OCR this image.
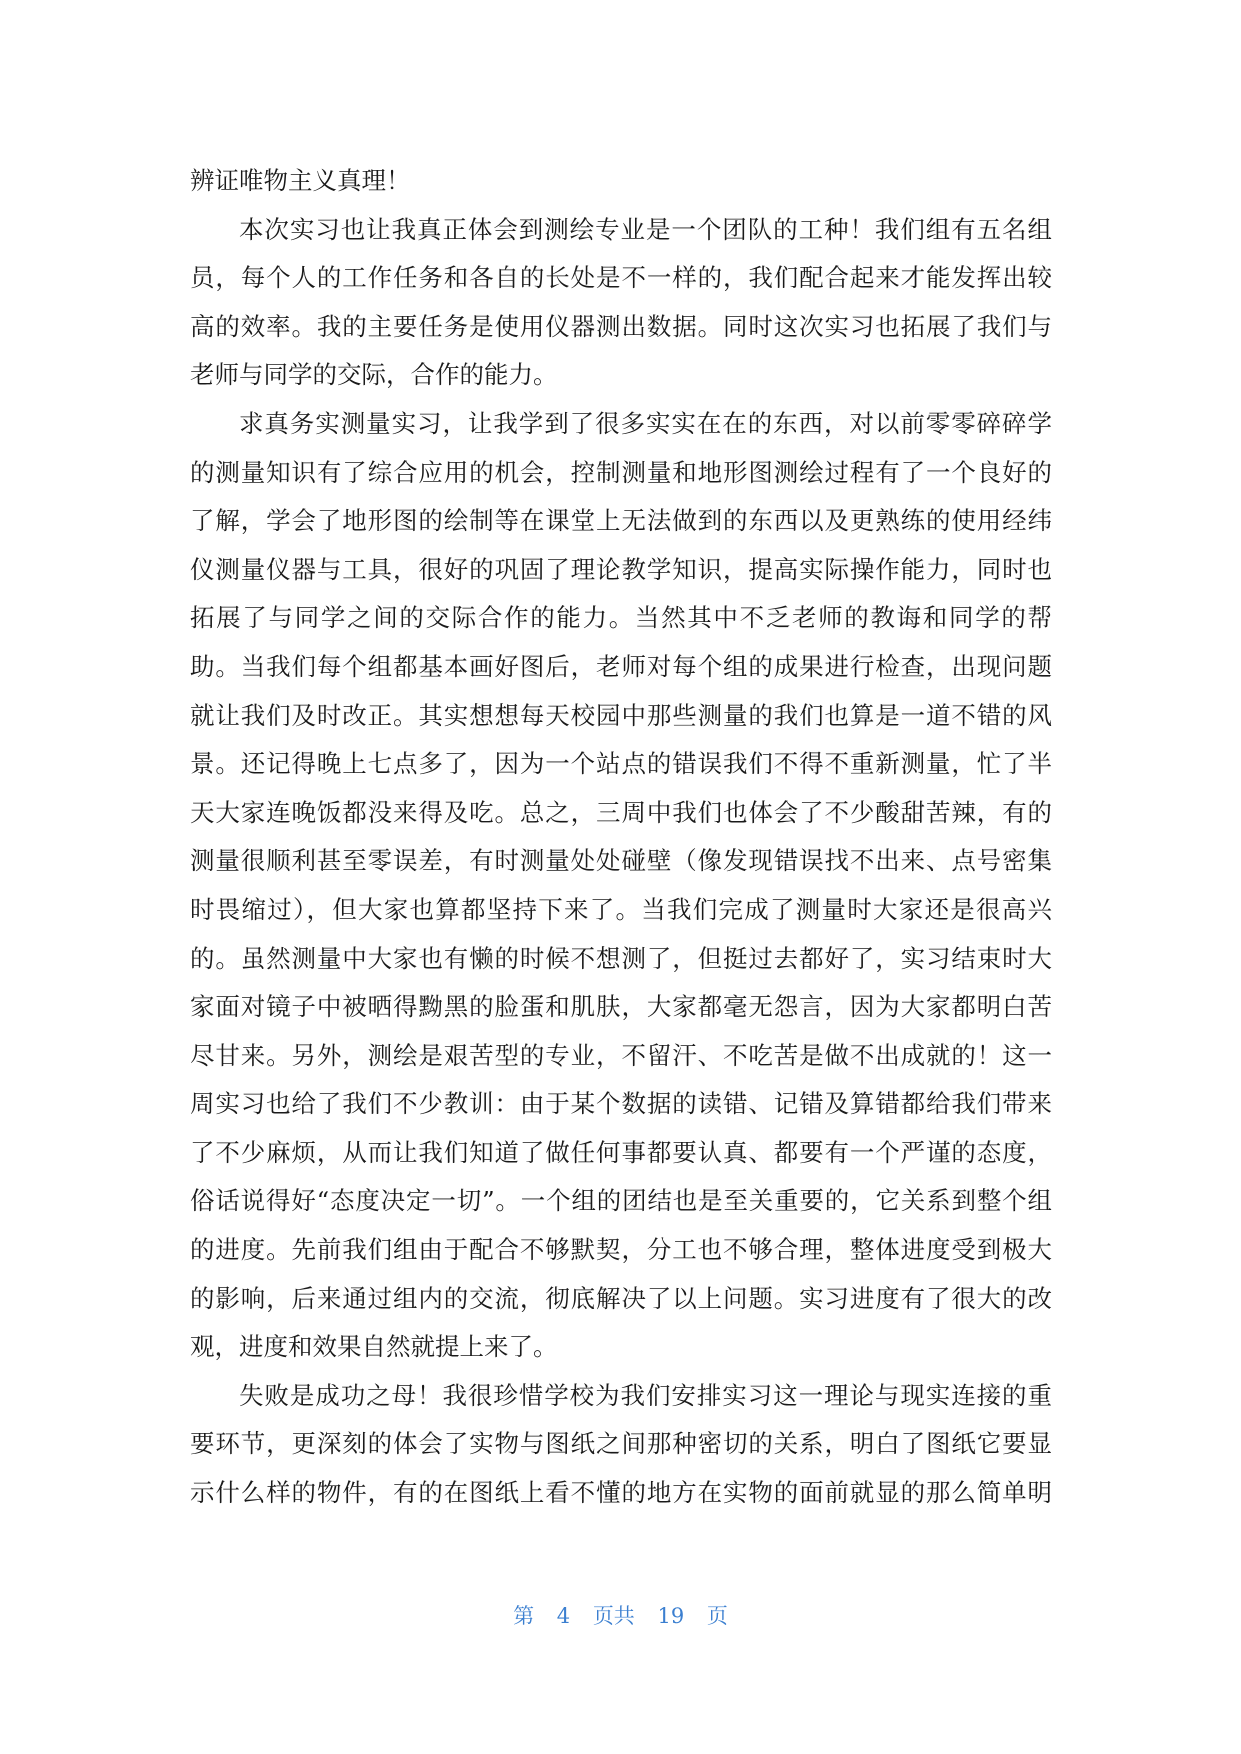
辨证唯物主义真理！
本次实习也让我真正体会到测绘专业是一个团队的工种！我们组有五名组
员，每个人的工作任务和各自的长处是不一样的，我们配合起来才能发挥出较
高的效率。我的主要任务是使用仪器测出数据。同时这次实习也拓展了我们与
老师与同学的交际，合作的能力。
求真务实测量实习，让我学到了很多实实在在的东西，对以前零零碎碎学
的测量知识有了综合应用的机会，控制测量和地形图测绘过程有了一个良好的
了解，学会了地形图的绘制等在课堂上无法做到的东西以及更熟练的使用经纬
仪测量仪器与工具，很好的巩固了理论教学知识，提高实际操作能力，同时也
拓展了与同学之间的交际合作的能力。当然其中不乏老师的教诲和同学的帮
助。当我们每个组都基本画好图后，老师对每个组的成果进行检查，出现问题
就让我们及时改正。其实想想每天校园中那些测量的我们也算是一道不错的风
景。还记得晚上七点多了，因为一个站点的错误我们不得不重新测量，忙了半
天大家连晚饭都没来得及吃。总之，三周中我们也体会了不少酸甜苦辣，有的
测量很顺利甚至零误差，有时测量处处碰壁（像发现错误找不出来、点号密集
时畏缩过），但大家也算都坚持下来了。当我们完成了测量时大家还是很高兴
的。虽然测量中大家也有懒的时候不想测了，但挺过去都好了，实习结束时大
家面对镜子中被晒得黝黑的脸蛋和肌肤，大家都毫无怨言，因为大家都明白苦
尽甘来。另外，测绘是艰苦型的专业，不留汗、不吃苦是做不出成就的！这一
周实习也给了我们不少教训：由于某个数据的读错、记错及算错都给我们带来
了不少麻烦，从而让我们知道了做任何事都要认真、都要有一个严谨的态度，
俗话说得好“态度决定一切”。一个组的团结也是至关重要的，它关系到整个组
的进度。先前我们组由于配合不够默契，分工也不够合理，整体进度受到极大
的影响，后来通过组内的交流，彻底解决了以上问题。实习进度有了很大的改
观，进度和效果自然就提上来了。
失败是成功之母！我很珍惜学校为我们安排实习这一理论与现实连接的重
要环节，更深刻的体会了实物与图纸之间那种密切的关系，明白了图纸它要显
示什么样的物件，有的在图纸上看不懂的地方在实物的面前就显的那么简单明
第 4 页共 19 页
